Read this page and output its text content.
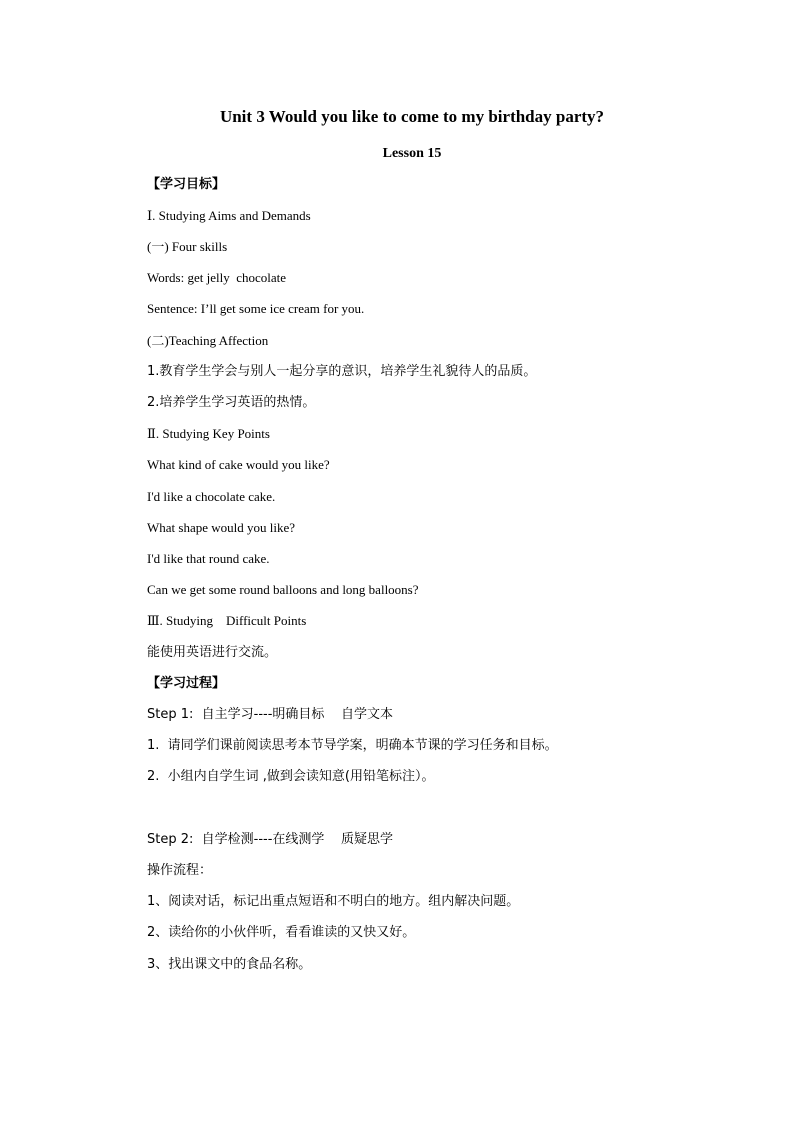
Unit 3 Would you like to come to my birthday party?
Lesson 15
【学习目标】
Ⅰ. Studying Aims and Demands
(一) Four skills
Words: get jelly  chocolate
Sentence: I’ll get some ice cream for you.
(二)Teaching Affection
1.教育学生学会与别人一起分享的意识，培养学生礼貌待人的品质。
2.培养学生学习英语的热情。
Ⅱ. Studying Key Points
What kind of cake would you like?
I'd like a chocolate cake.
What shape would you like?
I'd like that round cake.
Can we get some round balloons and long balloons?
Ⅲ. Studying    Difficult Points
能使用英语进行交流。
【学习过程】
Step 1:  自主学习----明确目标    自学文本
1.  请同学们课前阅读思考本节导学案，明确本节课的学习任务和目标。
2.  小组内自学生词 ,做到会读知意(用铅笔标注）。
Step 2:  自学检测----在线测学    质疑思学
操作流程：
1、阅读对话，标记出重点短语和不明白的地方。组内解决问题。
2、读给你的小伙伴听，看看谁读的又快又好。
3、找出课文中的食品名称。
